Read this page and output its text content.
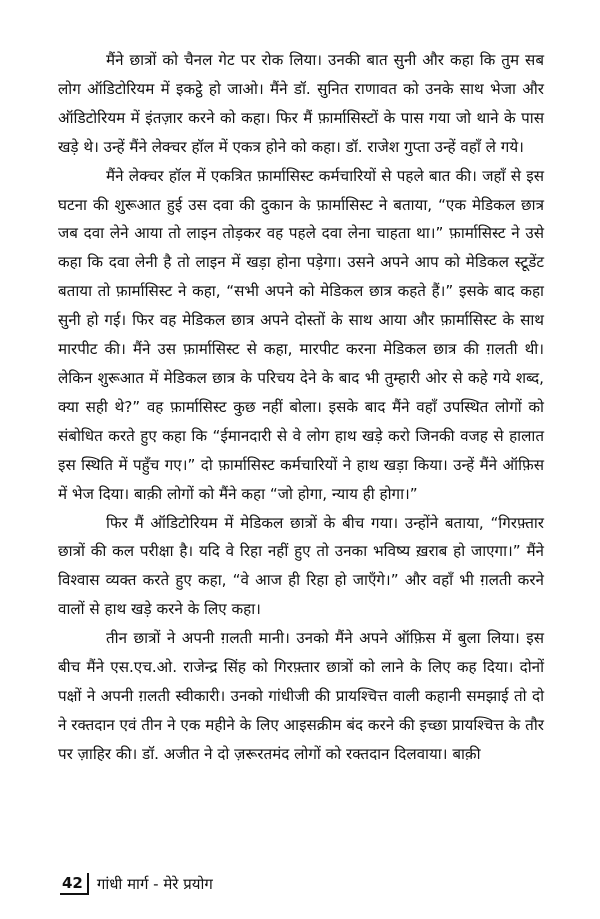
मैंने छात्रों को चैनल गेट पर रोक लिया। उनकी बात सुनी और कहा कि तुम सब लोग ऑडिटोरियम में इकट्ठे हो जाओ। मैंने डॉ. सुनित राणावत को उनके साथ भेजा और ऑडिटोरियम में इंतज़ार करने को कहा। फिर मैं फ़ार्मासिस्टों के पास गया जो थाने के पास खड़े थे। उन्हें मैंने लेक्चर हॉल में एकत्र होने को कहा। डॉ. राजेश गुप्ता उन्हें वहाँ ले गये।

मैंने लेक्चर हॉल में एकत्रित फ़ार्मासिस्ट कर्मचारियों से पहले बात की। जहाँ से इस घटना की शुरूआत हुई उस दवा की दुकान के फ़ार्मासिस्ट ने बताया, “एक मेडिकल छात्र जब दवा लेने आया तो लाइन तोड़कर वह पहले दवा लेना चाहता था।” फ़ार्मासिस्ट ने उसे कहा कि दवा लेनी है तो लाइन में खड़ा होना पड़ेगा। उसने अपने आप को मेडिकल स्टूडेंट बताया तो फ़ार्मासिस्ट ने कहा, “सभी अपने को मेडिकल छात्र कहते हैं।” इसके बाद कहा सुनी हो गई। फिर वह मेडिकल छात्र अपने दोस्तों के साथ आया और फ़ार्मासिस्ट के साथ मारपीट की। मैंने उस फ़ार्मासिस्ट से कहा, मारपीट करना मेडिकल छात्र की ग़लती थी। लेकिन शुरूआत में मेडिकल छात्र के परिचय देने के बाद भी तुम्हारी ओर से कहे गये शब्द, क्या सही थे?” वह फ़ार्मासिस्ट कुछ नहीं बोला। इसके बाद मैंने वहाँ उपस्थित लोगों को संबोधित करते हुए कहा कि “ईमानदारी से वे लोग हाथ खड़े करो जिनकी वजह से हालात इस स्थिति में पहुँच गए।” दो फ़ार्मासिस्ट कर्मचारियों ने हाथ खड़ा किया। उन्हें मैंने ऑफ़िस में भेज दिया। बाक़ी लोगों को मैंने कहा “जो होगा, न्याय ही होगा।”

फिर मैं ऑडिटोरियम में मेडिकल छात्रों के बीच गया। उन्होंने बताया, “गिरफ़्तार छात्रों की कल परीक्षा है। यदि वे रिहा नहीं हुए तो उनका भविष्य ख़राब हो जाएगा।” मैंने विश्वास व्यक्त करते हुए कहा, “वे आज ही रिहा हो जाएँगे।” और वहाँ भी ग़लती करने वालों से हाथ खड़े करने के लिए कहा।

तीन छात्रों ने अपनी ग़लती मानी। उनको मैंने अपने ऑफ़िस में बुला लिया। इस बीच मैंने एस.एच.ओ. राजेन्द्र सिंह को गिरफ़्तार छात्रों को लाने के लिए कह दिया। दोनों पक्षों ने अपनी ग़लती स्वीकारी। उनको गांधीजी की प्रायश्चित्त वाली कहानी समझाई तो दो ने रक्तदान एवं तीन ने एक महीने के लिए आइसक्रीम बंद करने की इच्छा प्रायश्चित्त के तौर पर ज़ाहिर की। डॉ. अजीत ने दो ज़रूरतमंद लोगों को रक्तदान दिलवाया। बाक़ी

42 गांधी मार्ग - मेरे प्रयोग
